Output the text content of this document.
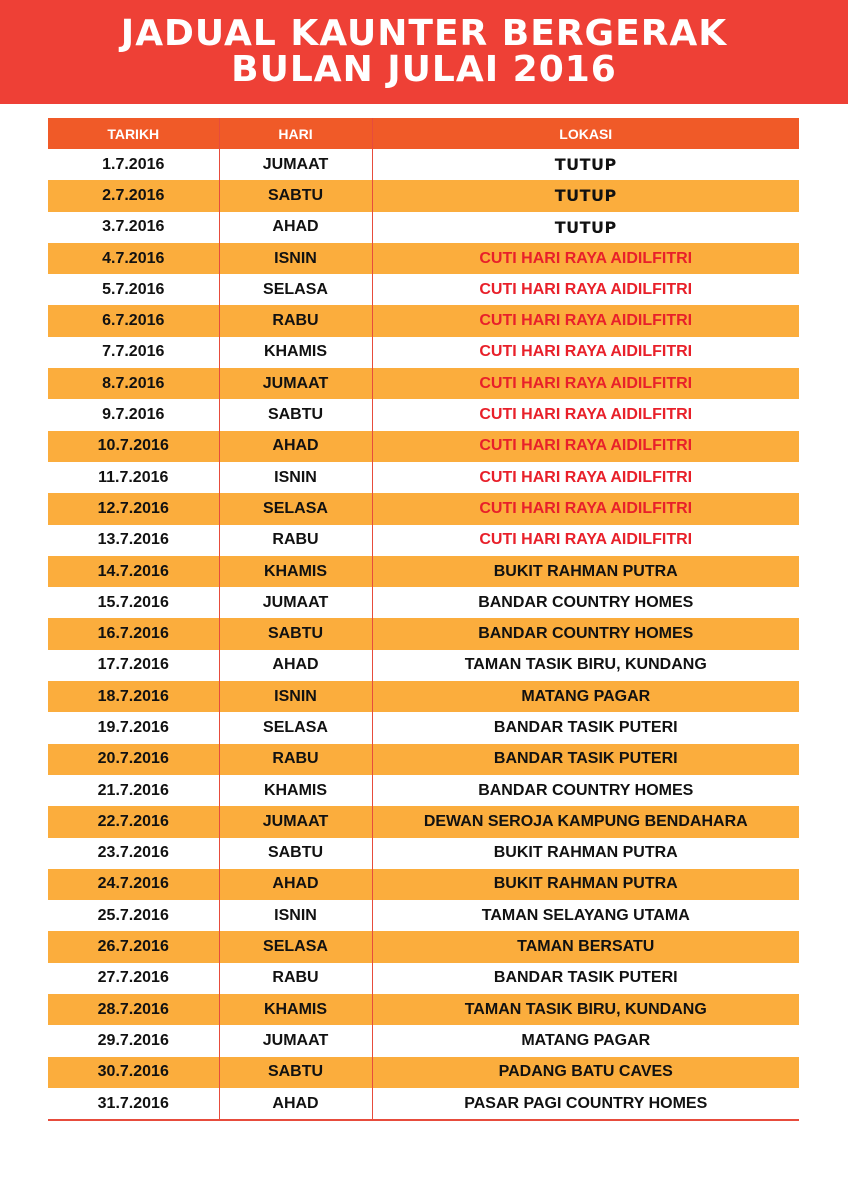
JADUAL KAUNTER BERGERAK
BULAN JULAI 2016
TARIKH	HARI	LOKASI
1.7.2016	JUMAAT	TUTUP
2.7.2016	SABTU	TUTUP
3.7.2016	AHAD	TUTUP
4.7.2016	ISNIN	CUTI HARI RAYA AIDILFITRI
5.7.2016	SELASA	CUTI HARI RAYA AIDILFITRI
6.7.2016	RABU	CUTI HARI RAYA AIDILFITRI
7.7.2016	KHAMIS	CUTI HARI RAYA AIDILFITRI
8.7.2016	JUMAAT	CUTI HARI RAYA AIDILFITRI
9.7.2016	SABTU	CUTI HARI RAYA AIDILFITRI
10.7.2016	AHAD	CUTI HARI RAYA AIDILFITRI
11.7.2016	ISNIN	CUTI HARI RAYA AIDILFITRI
12.7.2016	SELASA	CUTI HARI RAYA AIDILFITRI
13.7.2016	RABU	CUTI HARI RAYA AIDILFITRI
14.7.2016	KHAMIS	BUKIT RAHMAN PUTRA
15.7.2016	JUMAAT	BANDAR COUNTRY HOMES
16.7.2016	SABTU	BANDAR COUNTRY HOMES
17.7.2016	AHAD	TAMAN TASIK BIRU, KUNDANG
18.7.2016	ISNIN	MATANG PAGAR
19.7.2016	SELASA	BANDAR TASIK PUTERI
20.7.2016	RABU	BANDAR TASIK PUTERI
21.7.2016	KHAMIS	BANDAR COUNTRY HOMES
22.7.2016	JUMAAT	DEWAN SEROJA KAMPUNG BENDAHARA
23.7.2016	SABTU	BUKIT RAHMAN PUTRA
24.7.2016	AHAD	BUKIT RAHMAN PUTRA
25.7.2016	ISNIN	TAMAN SELAYANG UTAMA
26.7.2016	SELASA	TAMAN BERSATU
27.7.2016	RABU	BANDAR TASIK PUTERI
28.7.2016	KHAMIS	TAMAN TASIK BIRU, KUNDANG
29.7.2016	JUMAAT	MATANG PAGAR
30.7.2016	SABTU	PADANG BATU CAVES
31.7.2016	AHAD	PASAR PAGI COUNTRY HOMES
